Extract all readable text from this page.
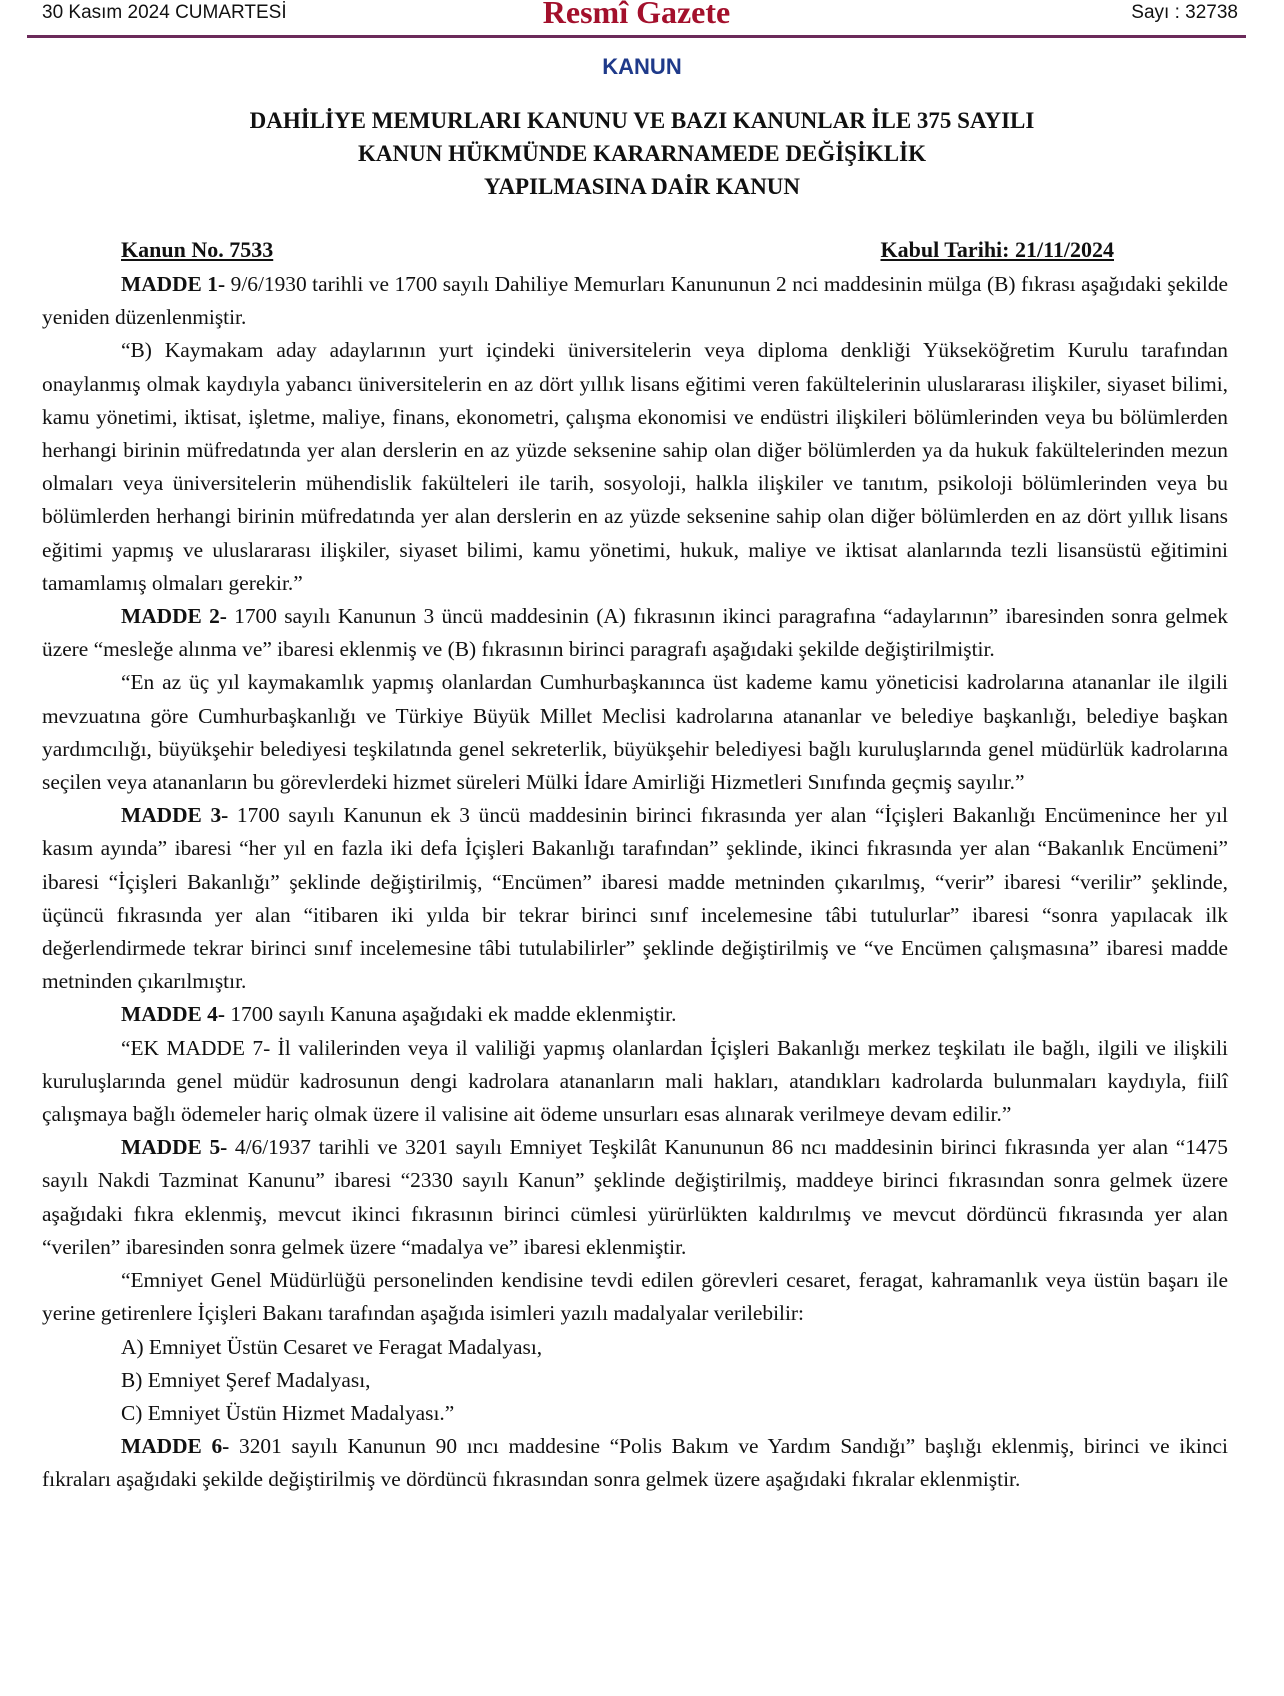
30 Kasım 2024 CUMARTESİ	Resmî Gazete	Sayı : 32738
KANUN
DAHİLİYE MEMURLARI KANUNU VE BAZI KANUNLAR İLE 375 SAYILI
KANUN HÜKMÜNDE KARARNAMEDE DEĞİŞİKLİK
YAPILMASINA DAİR KANUN
Kanun No. 7533	Kabul Tarihi: 21/11/2024

MADDE 1- 9/6/1930 tarihli ve 1700 sayılı Dahiliye Memurları Kanununun 2 nci maddesinin mülga (B) fıkrası aşağıdaki şekilde yeniden düzenlenmiştir.

“B) Kaymakam aday adaylarının yurt içindeki üniversitelerin veya diploma denkliği Yükseköğretim Kurulu tarafından onaylanmış olmak kaydıyla yabancı üniversitelerin en az dört yıllık lisans eğitimi veren fakültelerinin uluslararası ilişkiler, siyaset bilimi, kamu yönetimi, iktisat, işletme, maliye, finans, ekonometri, çalışma ekonomisi ve endüstri ilişkileri bölümlerinden veya bu bölümlerden herhangi birinin müfredatında yer alan derslerin en az yüzde seksenine sahip olan diğer bölümlerden ya da hukuk fakültelerinden mezun olmaları veya üniversitelerin mühendislik fakülteleri ile tarih, sosyoloji, halkla ilişkiler ve tanıtım, psikoloji bölümlerinden veya bu bölümlerden herhangi birinin müfredatında yer alan derslerin en az yüzde seksenine sahip olan diğer bölümlerden en az dört yıllık lisans eğitimi yapmış ve uluslararası ilişkiler, siyaset bilimi, kamu yönetimi, hukuk, maliye ve iktisat alanlarında tezli lisansüstü eğitimini tamamlamış olmaları gerekir.”

MADDE 2- 1700 sayılı Kanunun 3 üncü maddesinin (A) fıkrasının ikinci paragrafına “adaylarının” ibaresinden sonra gelmek üzere “mesleğe alınma ve” ibaresi eklenmiş ve (B) fıkrasının birinci paragrafı aşağıdaki şekilde değiştirilmiştir.

“En az üç yıl kaymakamlık yapmış olanlardan Cumhurbaşkanınca üst kademe kamu yöneticisi kadrolarına atananlar ile ilgili mevzuatına göre Cumhurbaşkanlığı ve Türkiye Büyük Millet Meclisi kadrolarına atananlar ve belediye başkanlığı, belediye başkan yardımcılığı, büyükşehir belediyesi teşkilatında genel sekreterlik, büyükşehir belediyesi bağlı kuruluşlarında genel müdürlük kadrolarına seçilen veya atananların bu görevlerdeki hizmet süreleri Mülki İdare Amirliği Hizmetleri Sınıfında geçmiş sayılır.”

MADDE 3- 1700 sayılı Kanunun ek 3 üncü maddesinin birinci fıkrasında yer alan “İçişleri Bakanlığı Encümenince her yıl kasım ayında” ibaresi “her yıl en fazla iki defa İçişleri Bakanlığı tarafından” şeklinde, ikinci fıkrasında yer alan “Bakanlık Encümeni” ibaresi “İçişleri Bakanlığı” şeklinde değiştirilmiş, “Encümen” ibaresi madde metninden çıkarılmış, “verir” ibaresi “verilir” şeklinde, üçüncü fıkrasında yer alan “itibaren iki yılda bir tekrar birinci sınıf incelemesine tâbi tutulurlar” ibaresi “sonra yapılacak ilk değerlendirmede tekrar birinci sınıf incelemesine tâbi tutulabilirler” şeklinde değiştirilmiş ve “ve Encümen çalışmasına” ibaresi madde metninden çıkarılmıştır.

MADDE 4- 1700 sayılı Kanuna aşağıdaki ek madde eklenmiştir.

“EK MADDE 7- İl valilerinden veya il valiliği yapmış olanlardan İçişleri Bakanlığı merkez teşkilatı ile bağlı, ilgili ve ilişkili kuruluşlarında genel müdür kadrosunun dengi kadrolara atananların mali hakları, atandıkları kadrolarda bulunmaları kaydıyla, fiilî çalışmaya bağlı ödemeler hariç olmak üzere il valisine ait ödeme unsurları esas alınarak verilmeye devam edilir.”

MADDE 5- 4/6/1937 tarihli ve 3201 sayılı Emniyet Teşkilât Kanununun 86 ncı maddesinin birinci fıkrasında yer alan “1475 sayılı Nakdi Tazminat Kanunu” ibaresi “2330 sayılı Kanun” şeklinde değiştirilmiş, maddeye birinci fıkrasından sonra gelmek üzere aşağıdaki fıkra eklenmiş, mevcut ikinci fıkrasının birinci cümlesi yürürlükten kaldırılmış ve mevcut dördüncü fıkrasında yer alan “verilen” ibaresinden sonra gelmek üzere “madalya ve” ibaresi eklenmiştir.

“Emniyet Genel Müdürlüğü personelinden kendisine tevdi edilen görevleri cesaret, feragat, kahramanlık veya üstün başarı ile yerine getirenlere İçişleri Bakanı tarafından aşağıda isimleri yazılı madalyalar verilebilir:

A) Emniyet Üstün Cesaret ve Feragat Madalyası,

B) Emniyet Şeref Madalyası,

C) Emniyet Üstün Hizmet Madalyası.”

MADDE 6- 3201 sayılı Kanunun 90 ıncı maddesine “Polis Bakım ve Yardım Sandığı” başlığı eklenmiş, birinci ve ikinci fıkraları aşağıdaki şekilde değiştirilmiş ve dördüncü fıkrasından sonra gelmek üzere aşağıdaki fıkralar eklenmiştir.
